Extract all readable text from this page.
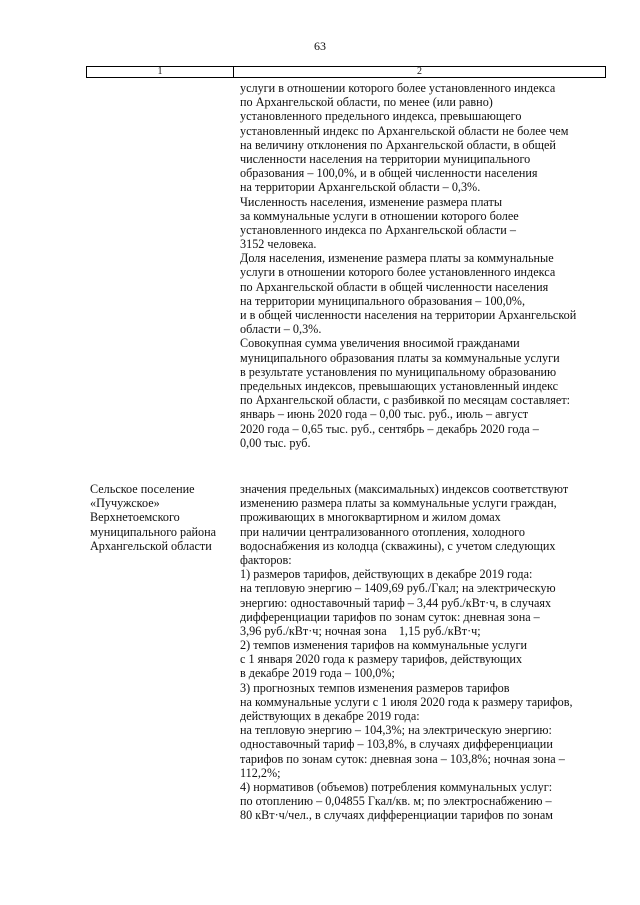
63
1	2
услуги в отношении которого более установленного индекса
по Архангельской области, по менее (или равно)
установленного предельного индекса, превышающего
установленный индекс по Архангельской области не более чем
на величину отклонения по Архангельской области, в общей
численности населения на территории муниципального
образования – 100,0%, и в общей численности населения
на территории Архангельской области – 0,3%.
Численность населения, изменение размера платы
за коммунальные услуги в отношении которого более
установленного индекса по Архангельской области –
3152 человека.
Доля населения, изменение размера платы за коммунальные
услуги в отношении которого более установленного индекса
по Архангельской области в общей численности населения
на территории муниципального образования – 100,0%,
и в общей численности населения на территории Архангельской
области – 0,3%.
Совокупная сумма увеличения вносимой гражданами
муниципального образования платы за коммунальные услуги
в результате установления по муниципальному образованию
предельных индексов, превышающих установленный индекс
по Архангельской области, с разбивкой по месяцам составляет:
январь – июнь 2020 года – 0,00 тыс. руб., июль – август
2020 года – 0,65 тыс. руб., сентябрь – декабрь 2020 года –
0,00 тыс. руб.
Сельское поселение
«Пучужское»
Верхнетоемского
муниципального района
Архангельской области
значения предельных (максимальных) индексов соответствуют
изменению размера платы за коммунальные услуги граждан,
проживающих в многоквартирном и жилом домах
при наличии централизованного отопления, холодного
водоснабжения из колодца (скважины), с учетом следующих
факторов:
1) размеров тарифов, действующих в декабре 2019 года:
на тепловую энергию – 1409,69 руб./Гкал; на электрическую
энергию: одноставочный тариф – 3,44 руб./кВт·ч, в случаях
дифференциации тарифов по зонам суток: дневная зона –
3,96 руб./кВт·ч; ночная зона    1,15 руб./кВт·ч;
2) темпов изменения тарифов на коммунальные услуги
с 1 января 2020 года к размеру тарифов, действующих
в декабре 2019 года – 100,0%;
3) прогнозных темпов изменения размеров тарифов
на коммунальные услуги с 1 июля 2020 года к размеру тарифов,
действующих в декабре 2019 года:
на тепловую энергию – 104,3%; на электрическую энергию:
одноставочный тариф – 103,8%, в случаях дифференциации
тарифов по зонам суток: дневная зона – 103,8%; ночная зона –
112,2%;
4) нормативов (объемов) потребления коммунальных услуг:
по отоплению – 0,04855 Гкал/кв. м; по электроснабжению –
80 кВт·ч/чел., в случаях дифференциации тарифов по зонам
